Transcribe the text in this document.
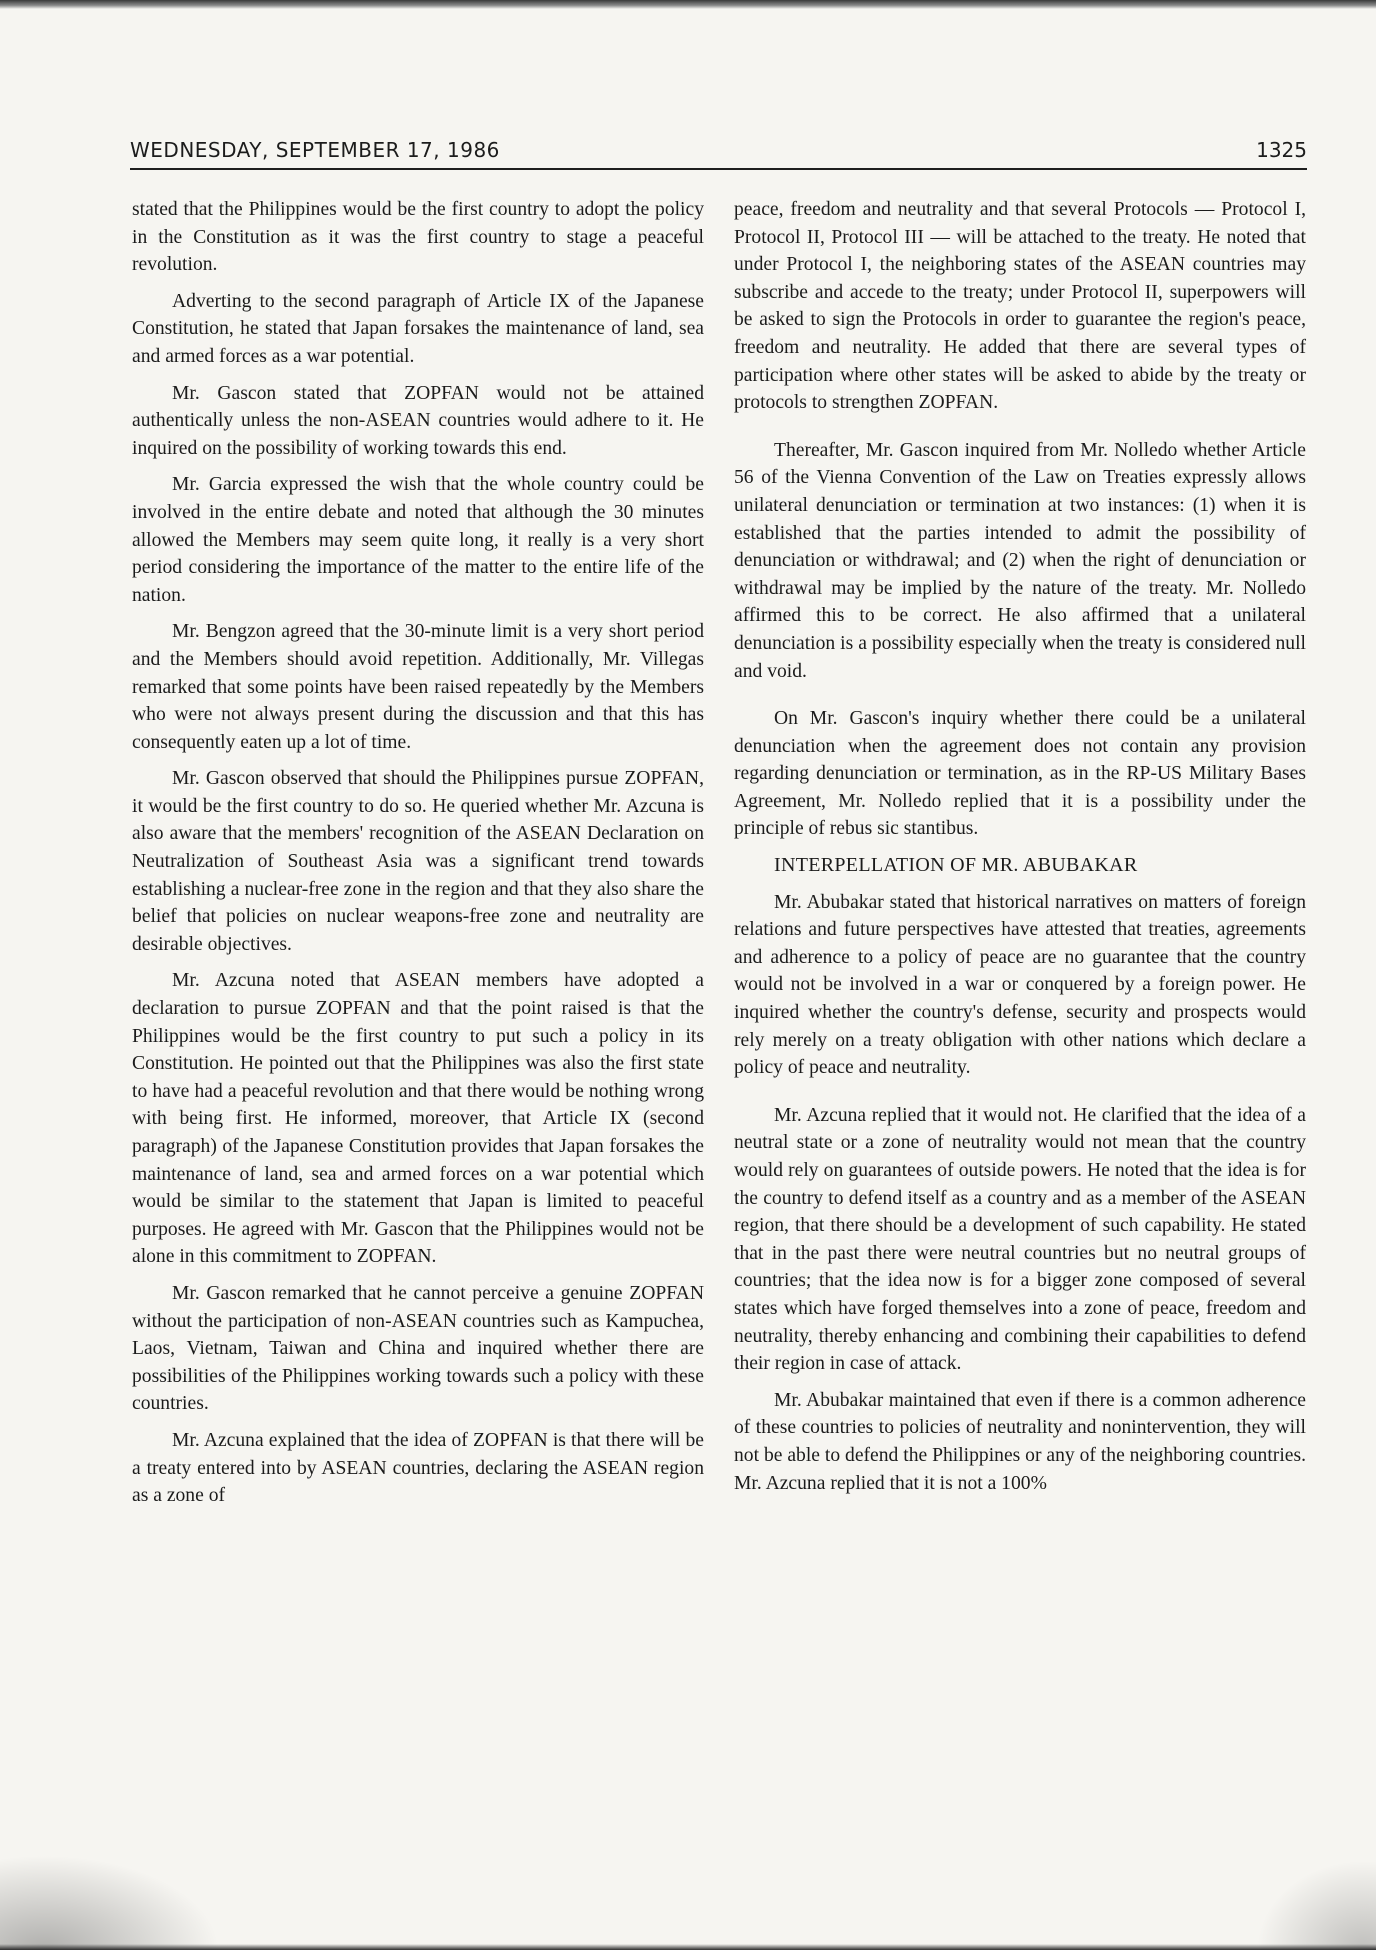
WEDNESDAY, SEPTEMBER 17, 1986	1325

stated that the Philippines would be the first country to adopt the policy in the Constitution as it was the first country to stage a peaceful revolution.

Adverting to the second paragraph of Article IX of the Japanese Constitution, he stated that Japan forsakes the maintenance of land, sea and armed forces as a war potential.

Mr. Gascon stated that ZOPFAN would not be attained authentically unless the non-ASEAN countries would adhere to it. He inquired on the possibility of working towards this end.

Mr. Garcia expressed the wish that the whole country could be involved in the entire debate and noted that although the 30 minutes allowed the Members may seem quite long, it really is a very short period considering the importance of the matter to the entire life of the nation.

Mr. Bengzon agreed that the 30-minute limit is a very short period and the Members should avoid repetition. Additionally, Mr. Villegas remarked that some points have been raised repeatedly by the Members who were not always present during the discussion and that this has consequently eaten up a lot of time.

Mr. Gascon observed that should the Philippines pursue ZOPFAN, it would be the first country to do so. He queried whether Mr. Azcuna is also aware that the members' recognition of the ASEAN Declaration on Neutralization of Southeast Asia was a significant trend towards establishing a nuclear-free zone in the region and that they also share the belief that policies on nuclear weapons-free zone and neutrality are desirable objectives.

Mr. Azcuna noted that ASEAN members have adopted a declaration to pursue ZOPFAN and that the point raised is that the Philippines would be the first country to put such a policy in its Constitution. He pointed out that the Philippines was also the first state to have had a peaceful revolution and that there would be nothing wrong with being first. He informed, moreover, that Article IX (second paragraph) of the Japanese Constitution provides that Japan forsakes the maintenance of land, sea and armed forces on a war potential which would be similar to the statement that Japan is limited to peaceful purposes. He agreed with Mr. Gascon that the Philippines would not be alone in this commitment to ZOPFAN.

Mr. Gascon remarked that he cannot perceive a genuine ZOPFAN without the participation of non-ASEAN countries such as Kampuchea, Laos, Vietnam, Taiwan and China and inquired whether there are possibilities of the Philippines working towards such a policy with these countries.

Mr. Azcuna explained that the idea of ZOPFAN is that there will be a treaty entered into by ASEAN countries, declaring the ASEAN region as a zone of

peace, freedom and neutrality and that several Protocols — Protocol I, Protocol II, Protocol III — will be attached to the treaty. He noted that under Protocol I, the neighboring states of the ASEAN countries may subscribe and accede to the treaty; under Protocol II, superpowers will be asked to sign the Protocols in order to guarantee the region's peace, freedom and neutrality. He added that there are several types of participation where other states will be asked to abide by the treaty or protocols to strengthen ZOPFAN.

Thereafter, Mr. Gascon inquired from Mr. Nolledo whether Article 56 of the Vienna Convention of the Law on Treaties expressly allows unilateral denunciation or termination at two instances: (1) when it is established that the parties intended to admit the possibility of denunciation or withdrawal; and (2) when the right of denunciation or withdrawal may be implied by the nature of the treaty. Mr. Nolledo affirmed this to be correct. He also affirmed that a unilateral denunciation is a possibility especially when the treaty is considered null and void.

On Mr. Gascon's inquiry whether there could be a unilateral denunciation when the agreement does not contain any provision regarding denunciation or termination, as in the RP-US Military Bases Agreement, Mr. Nolledo replied that it is a possibility under the principle of rebus sic stantibus.

INTERPELLATION OF MR. ABUBAKAR

Mr. Abubakar stated that historical narratives on matters of foreign relations and future perspectives have attested that treaties, agreements and adherence to a policy of peace are no guarantee that the country would not be involved in a war or conquered by a foreign power. He inquired whether the country's defense, security and prospects would rely merely on a treaty obligation with other nations which declare a policy of peace and neutrality.

Mr. Azcuna replied that it would not. He clarified that the idea of a neutral state or a zone of neutrality would not mean that the country would rely on guarantees of outside powers. He noted that the idea is for the country to defend itself as a country and as a member of the ASEAN region, that there should be a development of such capability. He stated that in the past there were neutral countries but no neutral groups of countries; that the idea now is for a bigger zone composed of several states which have forged themselves into a zone of peace, freedom and neutrality, thereby enhancing and combining their capabilities to defend their region in case of attack.

Mr. Abubakar maintained that even if there is a common adherence of these countries to policies of neutrality and nonintervention, they will not be able to defend the Philippines or any of the neighboring countries. Mr. Azcuna replied that it is not a 100%
